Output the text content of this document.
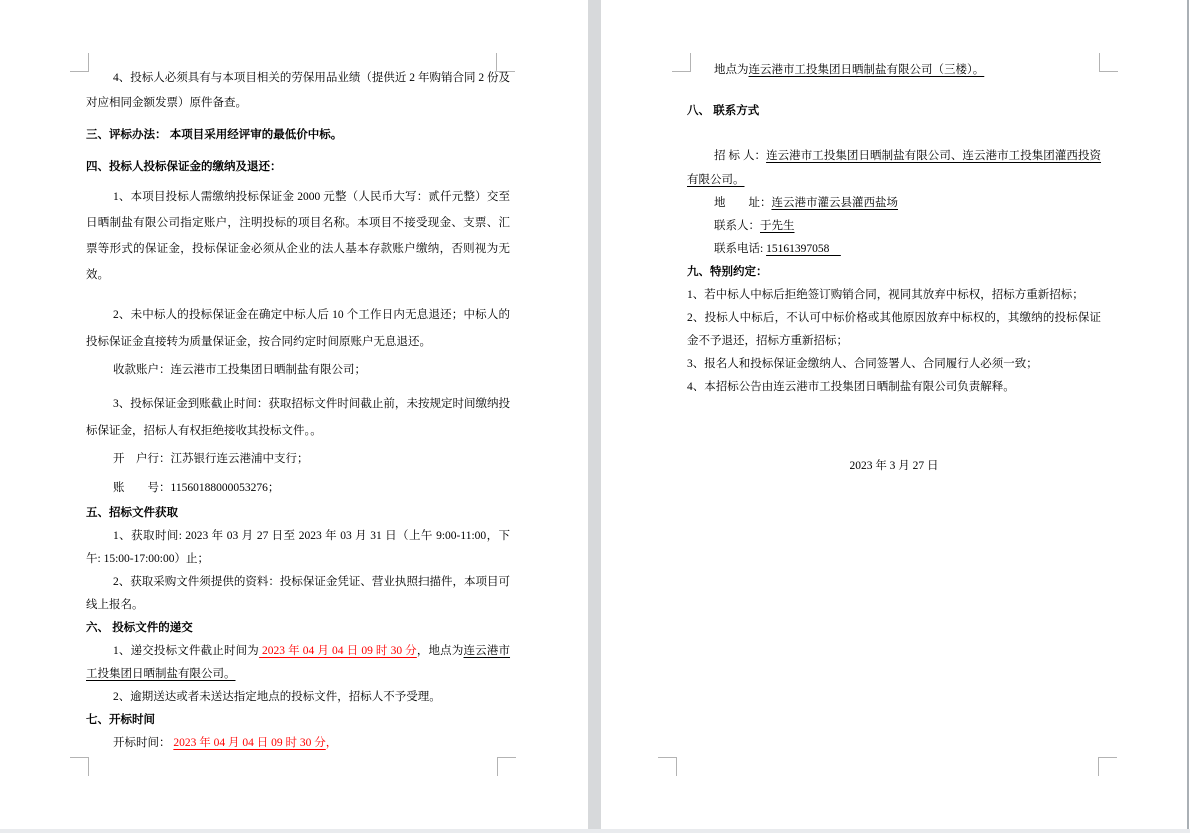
4、投标人必须具有与本项目相关的劳保用品业绩（提供近 2 年购销合同 2 份及对应相同金额发票）原件备查。

三、评标办法： 本项目采用经评审的最低价中标。

四、投标人投标保证金的缴纳及退还：

1、本项目投标人需缴纳投标保证金 2000 元整（人民币大写：贰仟元整）交至日晒制盐有限公司指定账户，注明投标的项目名称。本项目不接受现金、支票、汇票等形式的保证金，投标保证金必须从企业的法人基本存款账户缴纳，否则视为无效。

2、未中标人的投标保证金在确定中标人后 10 个工作日内无息退还；中标人的投标保证金直接转为质量保证金，按合同约定时间原账户无息退还。

收款账户：连云港市工投集团日晒制盐有限公司；

3、投标保证金到账截止时间：获取招标文件时间截止前，未按规定时间缴纳投标保证金，招标人有权拒绝接收其投标文件。。

开　户行：江苏银行连云港浦中支行；

账　　号：11560188000053276；

五、招标文件获取

1、获取时间: 2023 年 03 月 27 日至 2023 年 03 月 31 日（上午 9:00-11:00，下午: 15:00-17:00:00）止；

2、获取采购文件须提供的资料：投标保证金凭证、营业执照扫描件，本项目可线上报名。

六、 投标文件的递交

1、递交投标文件截止时间为 2023 年 04 月 04 日 09 时 30 分，地点为连云港市工投集团日晒制盐有限公司。

2、逾期送达或者未送达指定地点的投标文件，招标人不予受理。

七、开标时间

开标时间： 2023 年 04 月 04 日 09 时 30 分，

地点为连云港市工投集团日晒制盐有限公司（三楼）。

八、 联系方式

招 标 人：连云港市工投集团日晒制盐有限公司、连云港市工投集团灌西投资有限公司。

地　　址：连云港市灌云县灌西盐场

联系人：于先生

联系电话: 15161397058　

九、特别约定：

1、若中标人中标后拒绝签订购销合同，视同其放弃中标权，招标方重新招标；

2、投标人中标后，不认可中标价格或其他原因放弃中标权的，其缴纳的投标保证金不予退还，招标方重新招标；

3、报名人和投标保证金缴纳人、合同签署人、合同履行人必须一致；

4、本招标公告由连云港市工投集团日晒制盐有限公司负责解释。

2023 年 3 月 27 日
